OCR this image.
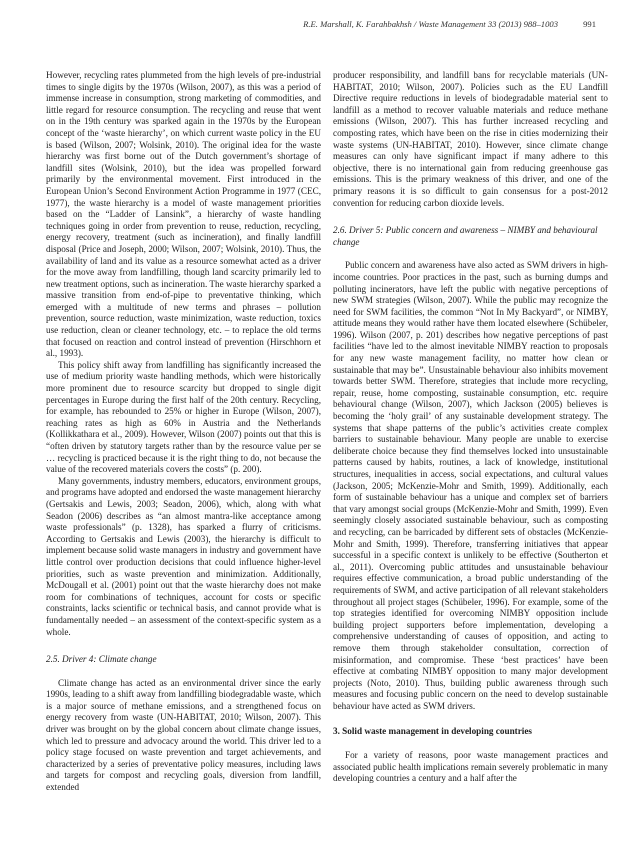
R.E. Marshall, K. Farahbakhsh / Waste Management 33 (2013) 988–1003	991

However, recycling rates plummeted from the high levels of pre-industrial times to single digits by the 1970s (Wilson, 2007), as this was a period of immense increase in consumption, strong marketing of commodities, and little regard for resource consumption. The recycling and reuse that went on in the 19th century was sparked again in the 1970s by the European concept of the ‘waste hierarchy’, on which current waste policy in the EU is based (Wilson, 2007; Wolsink, 2010). The original idea for the waste hierarchy was first borne out of the Dutch government’s shortage of landfill sites (Wolsink, 2010), but the idea was propelled forward primarily by the environmental movement. First introduced in the European Union’s Second Environment Action Programme in 1977 (CEC, 1977), the waste hierarchy is a model of waste management priorities based on the “Ladder of Lansink”, a hierarchy of waste handling techniques going in order from prevention to reuse, reduction, recycling, energy recovery, treatment (such as incineration), and finally landfill disposal (Price and Joseph, 2000; Wilson, 2007; Wolsink, 2010). Thus, the availability of land and its value as a resource somewhat acted as a driver for the move away from landfilling, though land scarcity primarily led to new treatment options, such as incineration. The waste hierarchy sparked a massive transition from end-of-pipe to preventative thinking, which emerged with a multitude of new terms and phrases – pollution prevention, source reduction, waste minimization, waste reduction, toxics use reduction, clean or cleaner technology, etc. – to replace the old terms that focused on reaction and control instead of prevention (Hirschhorn et al., 1993).

This policy shift away from landfilling has significantly increased the use of medium priority waste handling methods, which were historically more prominent due to resource scarcity but dropped to single digit percentages in Europe during the first half of the 20th century. Recycling, for example, has rebounded to 25% or higher in Europe (Wilson, 2007), reaching rates as high as 60% in Austria and the Netherlands (Kollikkathara et al., 2009). However, Wilson (2007) points out that this is “often driven by statutory targets rather than by the resource value per se … recycling is practiced because it is the right thing to do, not because the value of the recovered materials covers the costs” (p. 200).

Many governments, industry members, educators, environment groups, and programs have adopted and endorsed the waste management hierarchy (Gertsakis and Lewis, 2003; Seadon, 2006), which, along with what Seadon (2006) describes as “an almost mantra-like acceptance among waste professionals” (p. 1328), has sparked a flurry of criticisms. According to Gertsakis and Lewis (2003), the hierarchy is difficult to implement because solid waste managers in industry and government have little control over production decisions that could influence higher-level priorities, such as waste prevention and minimization. Additionally, McDougall et al. (2001) point out that the waste hierarchy does not make room for combinations of techniques, account for costs or specific constraints, lacks scientific or technical basis, and cannot provide what is fundamentally needed – an assessment of the context-specific system as a whole.

2.5. Driver 4: Climate change

Climate change has acted as an environmental driver since the early 1990s, leading to a shift away from landfilling biodegradable waste, which is a major source of methane emissions, and a strengthened focus on energy recovery from waste (UN-HABITAT, 2010; Wilson, 2007). This driver was brought on by the global concern about climate change issues, which led to pressure and advocacy around the world. This driver led to a policy stage focused on waste prevention and target achievements, and characterized by a series of preventative policy measures, including laws and targets for compost and recycling goals, diversion from landfill, extended

producer responsibility, and landfill bans for recyclable materials (UN-HABITAT, 2010; Wilson, 2007). Policies such as the EU Landfill Directive require reductions in levels of biodegradable material sent to landfill as a method to recover valuable materials and reduce methane emissions (Wilson, 2007). This has further increased recycling and composting rates, which have been on the rise in cities modernizing their waste systems (UN-HABITAT, 2010). However, since climate change measures can only have significant impact if many adhere to this objective, there is no international gain from reducing greenhouse gas emissions. This is the primary weakness of this driver, and one of the primary reasons it is so difficult to gain consensus for a post-2012 convention for reducing carbon dioxide levels.

2.6. Driver 5: Public concern and awareness – NIMBY and behavioural change

Public concern and awareness have also acted as SWM drivers in high-income countries. Poor practices in the past, such as burning dumps and polluting incinerators, have left the public with negative perceptions of new SWM strategies (Wilson, 2007). While the public may recognize the need for SWM facilities, the common “Not In My Backyard”, or NIMBY, attitude means they would rather have them located elsewhere (Schübeler, 1996). Wilson (2007, p. 201) describes how negative perceptions of past facilities “have led to the almost inevitable NIMBY reaction to proposals for any new waste management facility, no matter how clean or sustainable that may be”. Unsustainable behaviour also inhibits movement towards better SWM. Therefore, strategies that include more recycling, repair, reuse, home composting, sustainable consumption, etc. require behavioural change (Wilson, 2007), which Jackson (2005) believes is becoming the ‘holy grail’ of any sustainable development strategy. The systems that shape patterns of the public’s activities create complex barriers to sustainable behaviour. Many people are unable to exercise deliberate choice because they find themselves locked into unsustainable patterns caused by habits, routines, a lack of knowledge, institutional structures, inequalities in access, social expectations, and cultural values (Jackson, 2005; McKenzie-Mohr and Smith, 1999). Additionally, each form of sustainable behaviour has a unique and complex set of barriers that vary amongst social groups (McKenzie-Mohr and Smith, 1999). Even seemingly closely associated sustainable behaviour, such as composting and recycling, can be barricaded by different sets of obstacles (McKenzie-Mohr and Smith, 1999). Therefore, transferring initiatives that appear successful in a specific context is unlikely to be effective (Southerton et al., 2011). Overcoming public attitudes and unsustainable behaviour requires effective communication, a broad public understanding of the requirements of SWM, and active participation of all relevant stakeholders throughout all project stages (Schübeler, 1996). For example, some of the top strategies identified for overcoming NIMBY opposition include building project supporters before implementation, developing a comprehensive understanding of causes of opposition, and acting to remove them through stakeholder consultation, correction of misinformation, and compromise. These ‘best practices’ have been effective at combating NIMBY opposition to many major development projects (Noto, 2010). Thus, building public awareness through such measures and focusing public concern on the need to develop sustainable behaviour have acted as SWM drivers.

3. Solid waste management in developing countries

For a variety of reasons, poor waste management practices and associated public health implications remain severely problematic in many developing countries a century and a half after the
